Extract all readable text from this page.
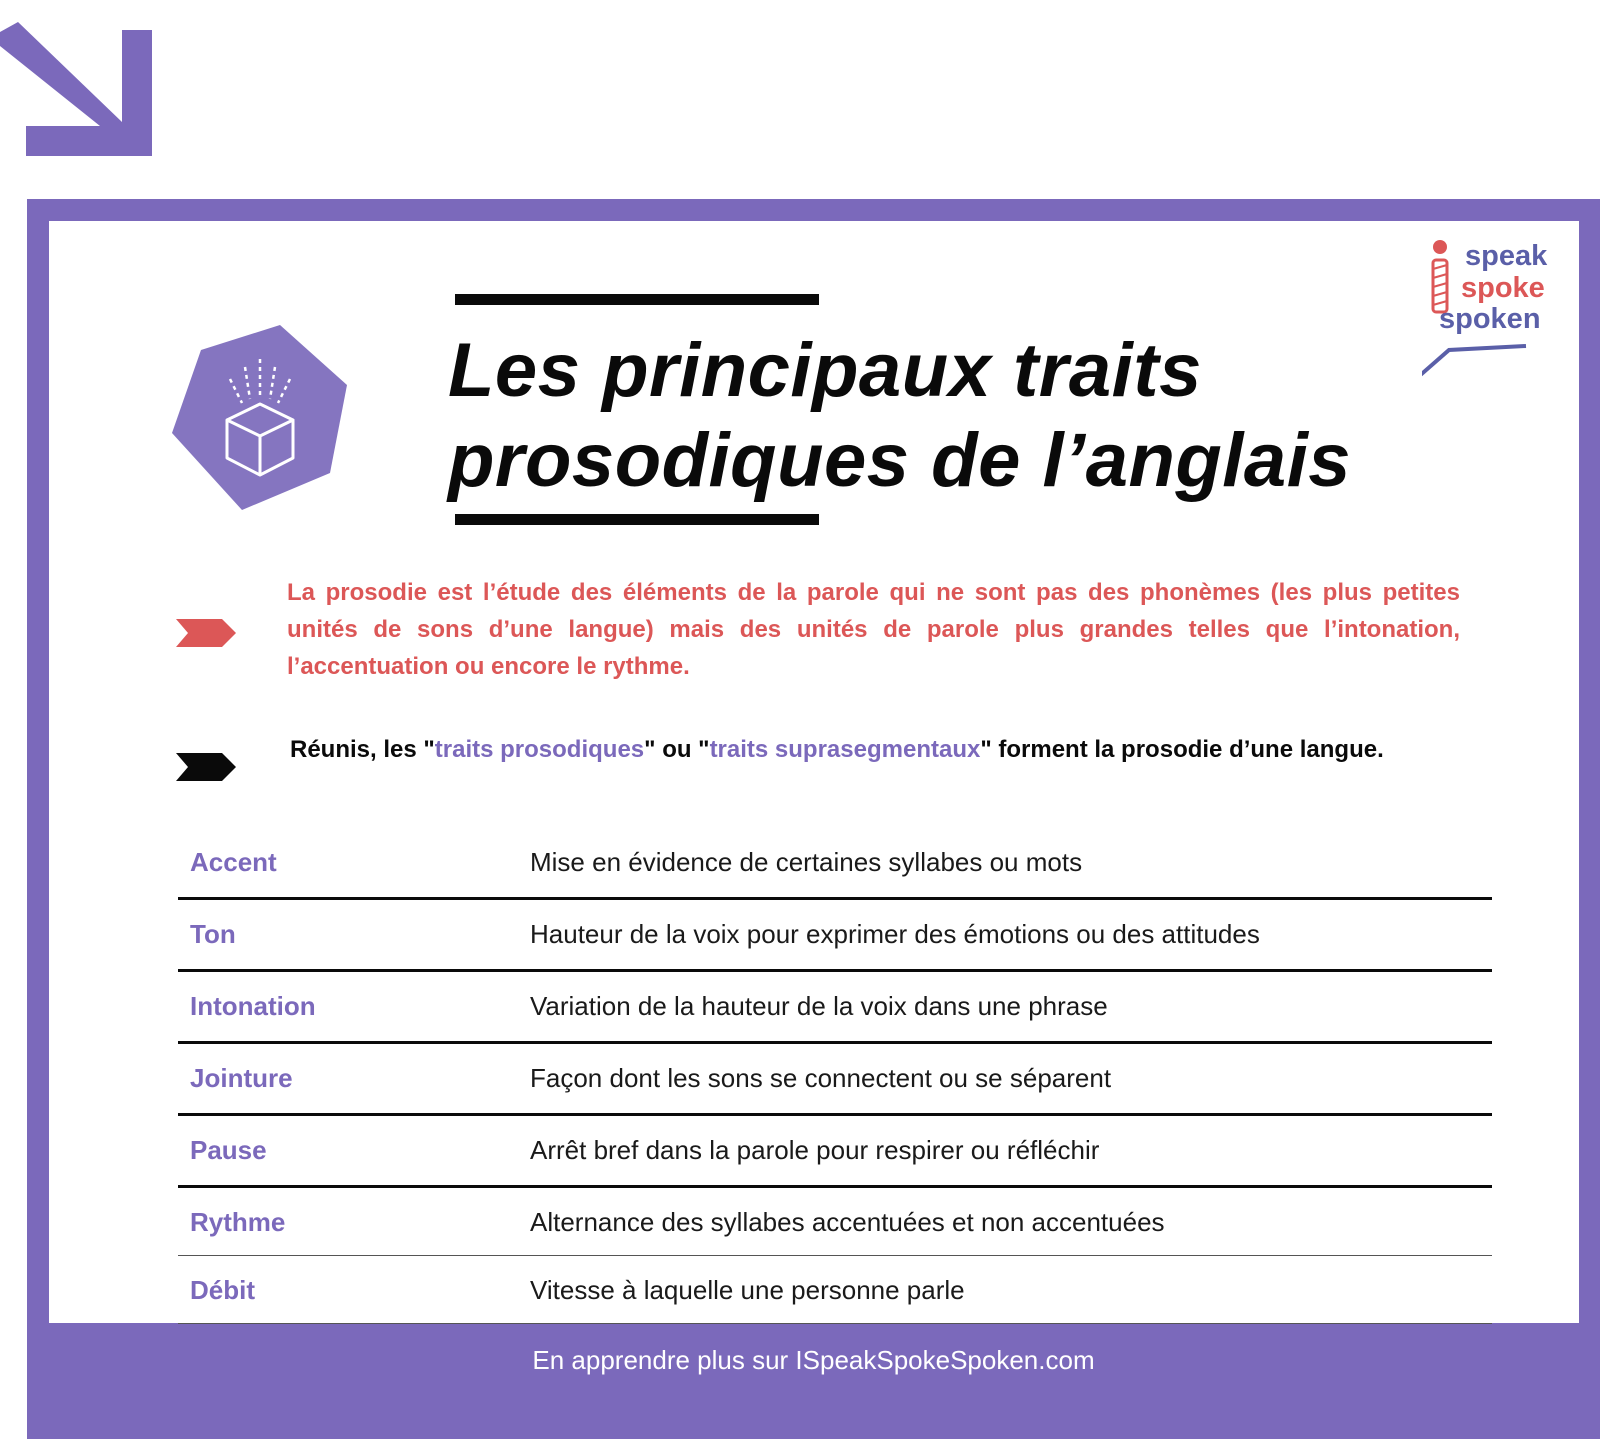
Les principaux traits
prosodiques de l’anglais
speak
spoke
spoken

La prosodie est l’étude des éléments de la parole qui ne sont pas des phonèmes (les plus petites unités de sons d’une langue) mais des unités de parole plus grandes telles que l’intonation, l’accentuation ou encore le rythme.

Réunis, les "traits prosodiques" ou "traits suprasegmentaux" forment la prosodie d’une langue.

Accent	Mise en évidence de certaines syllabes ou mots
Ton	Hauteur de la voix pour exprimer des émotions ou des attitudes
Intonation	Variation de la hauteur de la voix dans une phrase
Jointure	Façon dont les sons se connectent ou se séparent
Pause	Arrêt bref dans la parole pour respirer ou réfléchir
Rythme	Alternance des syllabes accentuées et non accentuées
Débit	Vitesse à laquelle une personne parle
En apprendre plus sur ISpeakSpokeSpoken.com
